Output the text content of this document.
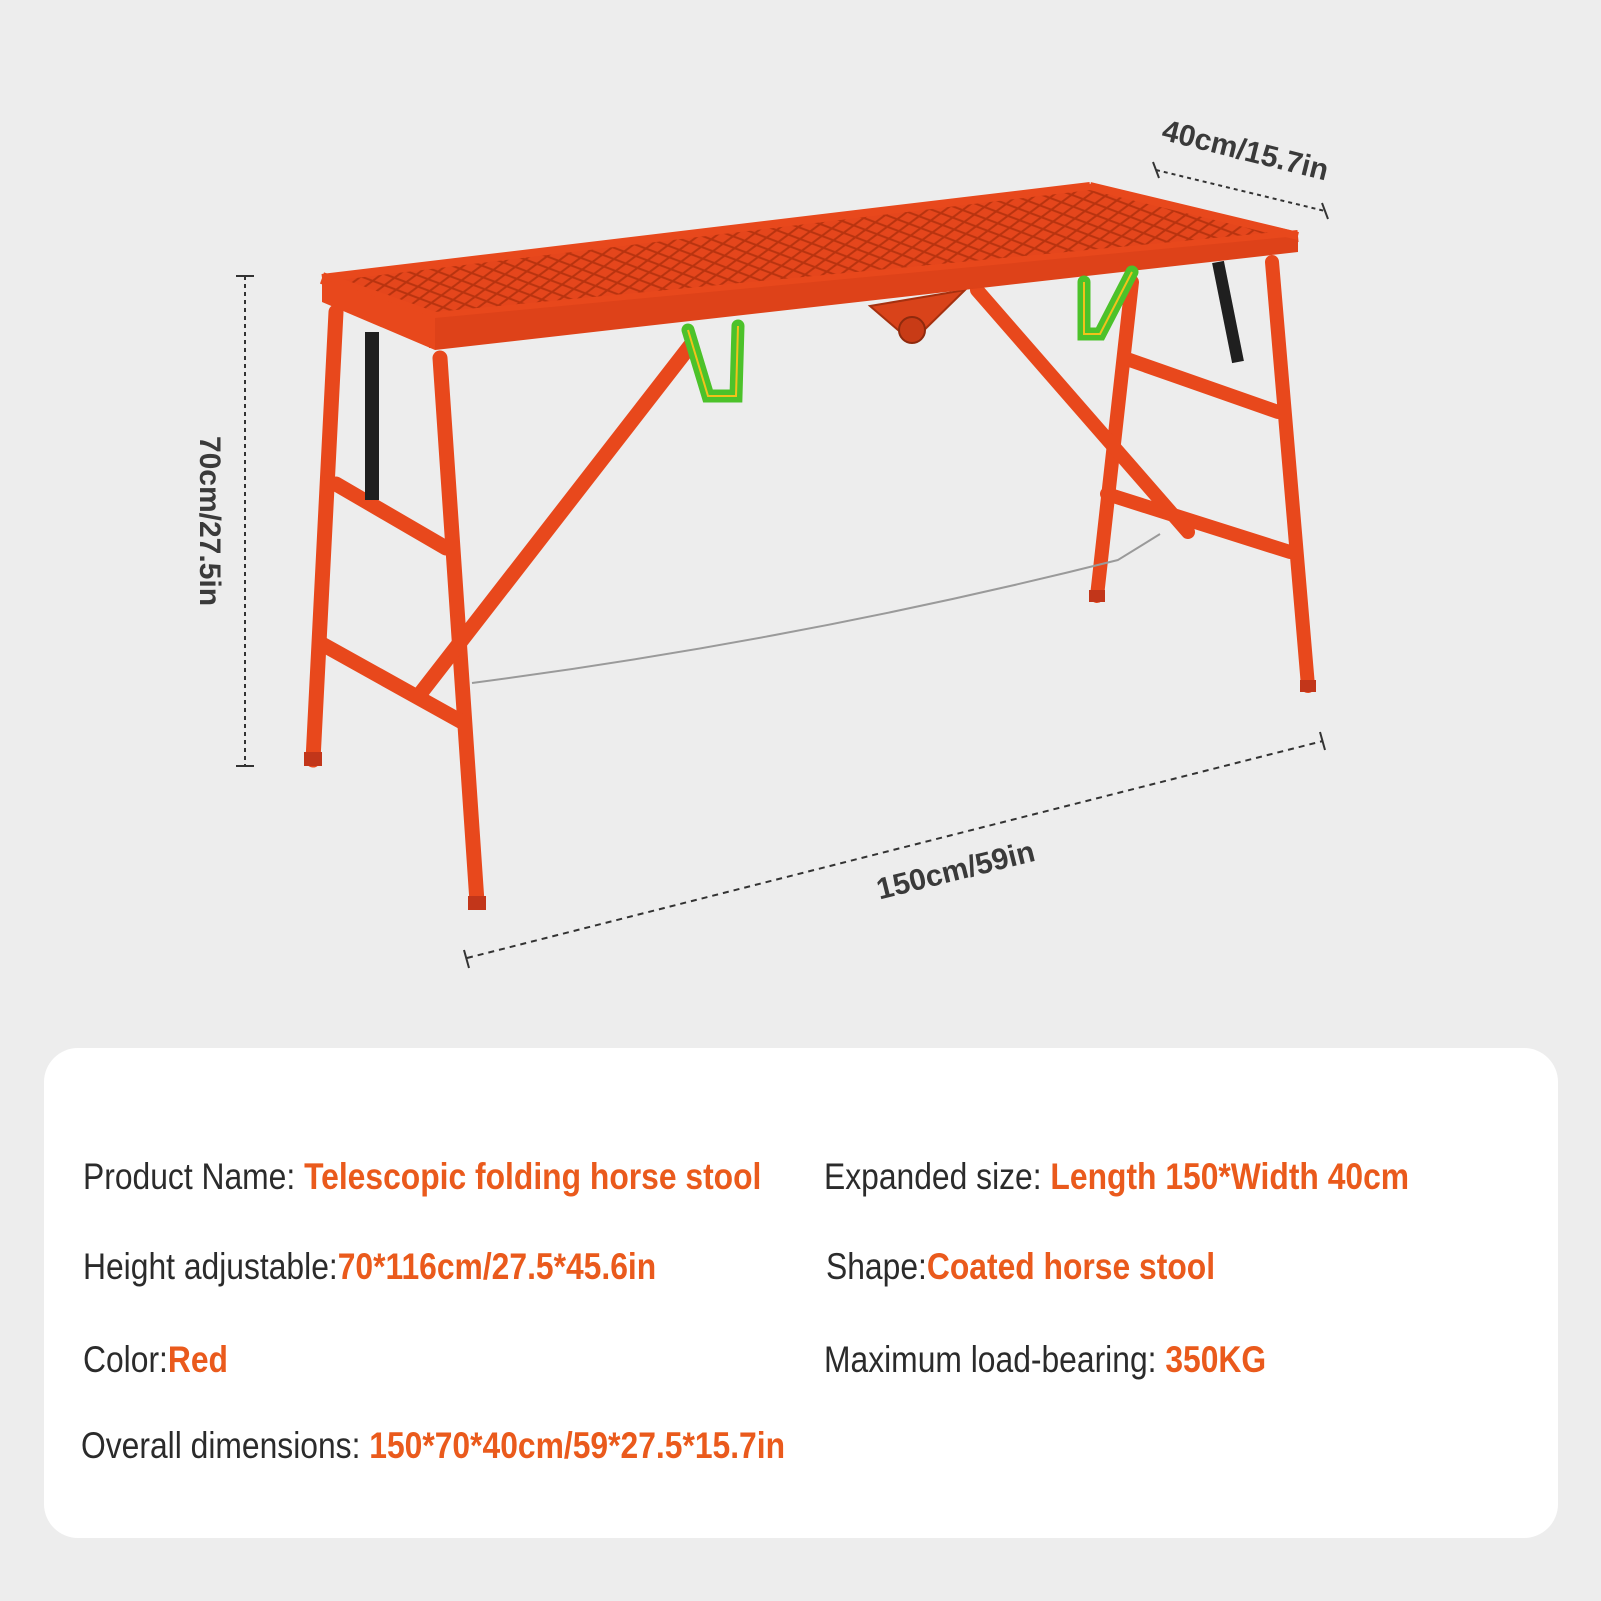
70cm/27.5in
40cm/15.7in
150cm/59in
Product Name: Telescopic folding horse stool Expanded size: Length 150*Width 40cm
Height adjustable:70*116cm/27.5*45.6in	Shape:Coated horse stool
Color:Red	Maximum load-bearing: 350KG
Overall dimensions: 150*70*40cm/59*27.5*15.7in
